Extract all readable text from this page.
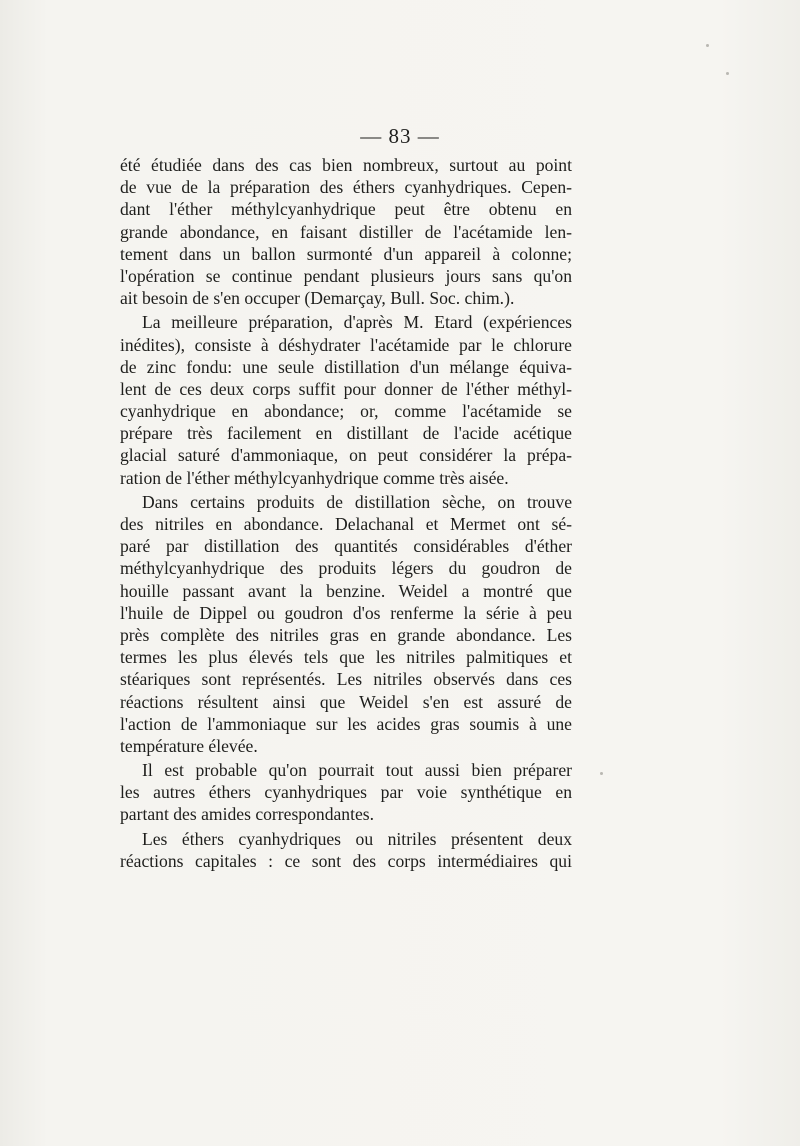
— 83 —
été étudiée dans des cas bien nombreux, surtout au point
de vue de la préparation des éthers cyanhydriques. Cepen-
dant l'éther méthylcyanhydrique peut être obtenu en
grande abondance, en faisant distiller de l'acétamide len-
tement dans un ballon surmonté d'un appareil à colonne;
l'opération se continue pendant plusieurs jours sans qu'on
ait besoin de s'en occuper (Demarçay, Bull. Soc. chim.).
La meilleure préparation, d'après M. Etard (expériences
inédites), consiste à déshydrater l'acétamide par le chlorure
de zinc fondu: une seule distillation d'un mélange équiva-
lent de ces deux corps suffit pour donner de l'éther méthyl-
cyanhydrique en abondance; or, comme l'acétamide se
prépare très facilement en distillant de l'acide acétique
glacial saturé d'ammoniaque, on peut considérer la prépa-
ration de l'éther méthylcyanhydrique comme très aisée.
Dans certains produits de distillation sèche, on trouve
des nitriles en abondance. Delachanal et Mermet ont sé-
paré par distillation des quantités considérables d'éther
méthylcyanhydrique des produits légers du goudron de
houille passant avant la benzine. Weidel a montré que
l'huile de Dippel ou goudron d'os renferme la série à peu
près complète des nitriles gras en grande abondance. Les
termes les plus élevés tels que les nitriles palmitiques et
stéariques sont représentés. Les nitriles observés dans ces
réactions résultent ainsi que Weidel s'en est assuré de
l'action de l'ammoniaque sur les acides gras soumis à une
température élevée.
Il est probable qu'on pourrait tout aussi bien préparer
les autres éthers cyanhydriques par voie synthétique en
partant des amides correspondantes.
Les éthers cyanhydriques ou nitriles présentent deux
réactions capitales : ce sont des corps intermédiaires qui
